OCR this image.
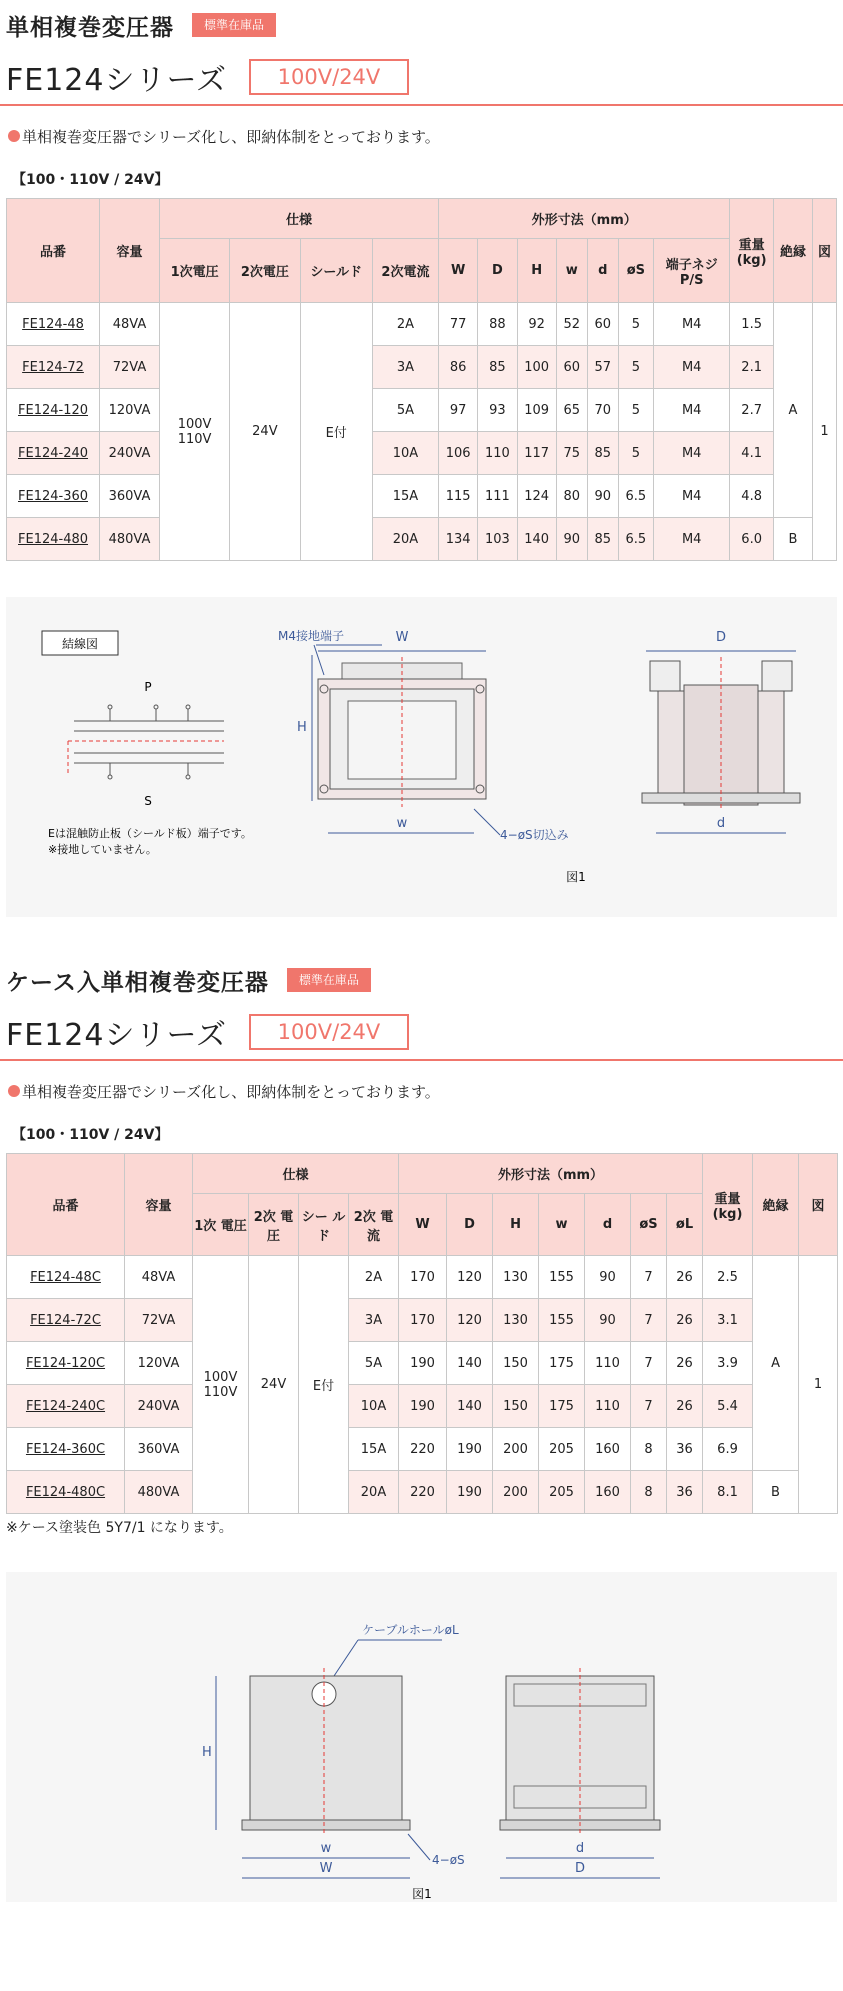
単相複巻変圧器	標準在庫品
FE124シリーズ	100V/24V
単相複巻変圧器でシリーズ化し、即納体制をとっております。
【100・110V / 24V】
品番	容量	仕様				外形寸法（mm）							重量 (kg)	絶縁	図
		1次電圧	2次電圧	シールド	2次電流	W	D	H	w	d	øS	端子ネジ P/S			
FE124-48	48VA	100V 110V	24V	E付	2A	77	88	92	52	60	5	M4	1.5	A	1
FE124-72	72VA				3A	86	85	100	60	57	5	M4	2.1		
FE124-120	120VA				5A	97	93	109	65	70	5	M4	2.7		
FE124-240	240VA				10A	106	110	117	75	85	5	M4	4.1		
FE124-360	360VA				15A	115	111	124	80	90	6.5	M4	4.8		
FE124-480	480VA				20A	134	103	140	90	85	6.5	M4	6.0	B	
結線図
P
S
Eは混触防止板（シールド板）端子です。
※接地していません。
M4接地端子
H
W
w
4−øS切込み
D
d
図1
ケース入単相複巻変圧器	標準在庫品
FE124シリーズ	100V/24V
単相複巻変圧器でシリーズ化し、即納体制をとっております。
【100・110V / 24V】
品番	容量	仕様				外形寸法（mm）							重量 (kg)	絶縁	図
		1次 電圧	2次 電圧	シー ルド	2次 電流	W	D	H	w	d	øS	øL			
FE124-48C	48VA	100V 110V	24V	E付	2A	170	120	130	155	90	7	26	2.5	A	1
FE124-72C	72VA				3A	170	120	130	155	90	7	26	3.1		
FE124-120C	120VA				5A	190	140	150	175	110	7	26	3.9		
FE124-240C	240VA				10A	190	140	150	175	110	7	26	5.4		
FE124-360C	360VA				15A	220	190	200	205	160	8	36	6.9		
FE124-480C	480VA				20A	220	190	200	205	160	8	36	8.1	B	
※ケース塗装色 5Y7/1 になります。
ケーブルホールøL
H
w
W
4−øS
d
D
図1
